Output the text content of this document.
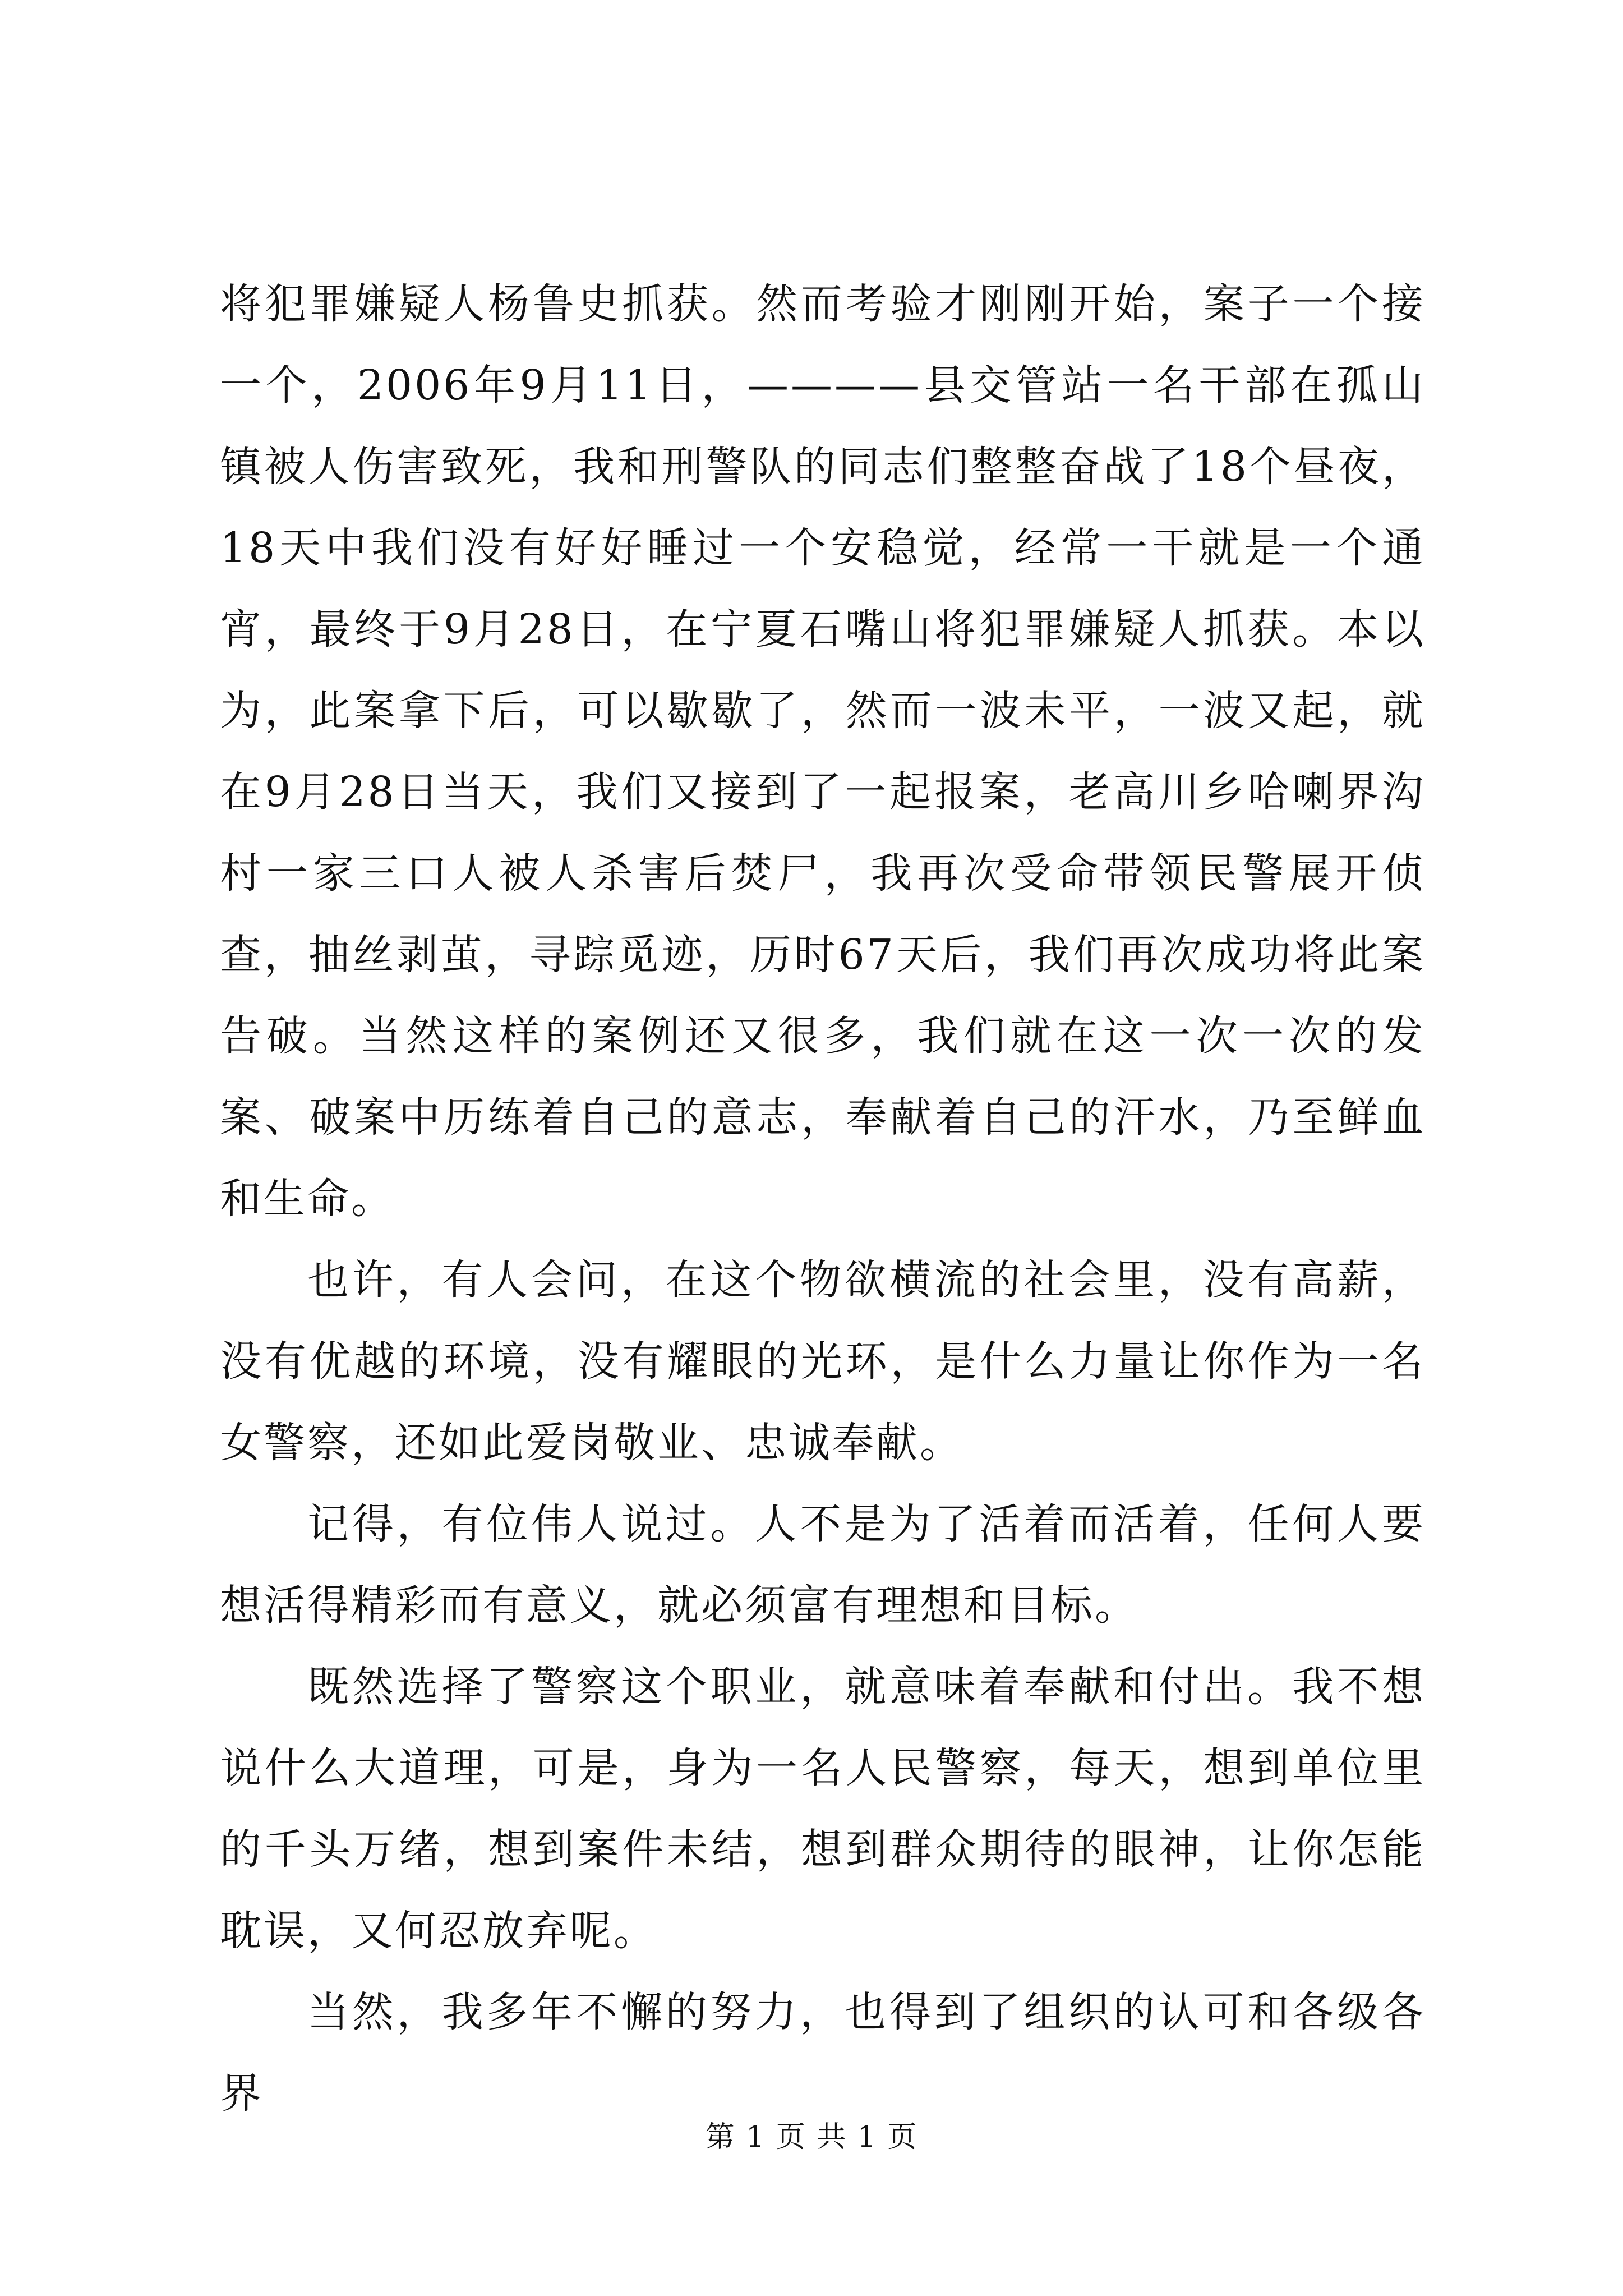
将犯罪嫌疑人杨鲁史抓获。然而考验才刚刚开始，案子一个接一个，2006年9月11日，————县交管站一名干部在孤山镇被人伤害致死，我和刑警队的同志们整整奋战了18个昼夜，18天中我们没有好好睡过一个安稳觉，经常一干就是一个通宵，最终于9月28日，在宁夏石嘴山将犯罪嫌疑人抓获。本以为，此案拿下后，可以歇歇了，然而一波未平，一波又起，就在9月28日当天，我们又接到了一起报案，老高川乡哈喇界沟村一家三口人被人杀害后焚尸，我再次受命带领民警展开侦查，抽丝剥茧，寻踪觅迹，历时67天后，我们再次成功将此案告破。当然这样的案例还又很多，我们就在这一次一次的发案、破案中历练着自己的意志，奉献着自己的汗水，乃至鲜血和生命。

也许，有人会问，在这个物欲横流的社会里，没有高薪，没有优越的环境，没有耀眼的光环，是什么力量让你作为一名女警察，还如此爱岗敬业、忠诚奉献。

记得，有位伟人说过。人不是为了活着而活着，任何人要想活得精彩而有意义，就必须富有理想和目标。

既然选择了警察这个职业，就意味着奉献和付出。我不想说什么大道理，可是，身为一名人民警察，每天，想到单位里的千头万绪，想到案件未结，想到群众期待的眼神，让你怎能耽误，又何忍放弃呢。

当然，我多年不懈的努力，也得到了组织的认可和各级各界

第 1 页 共 1 页
